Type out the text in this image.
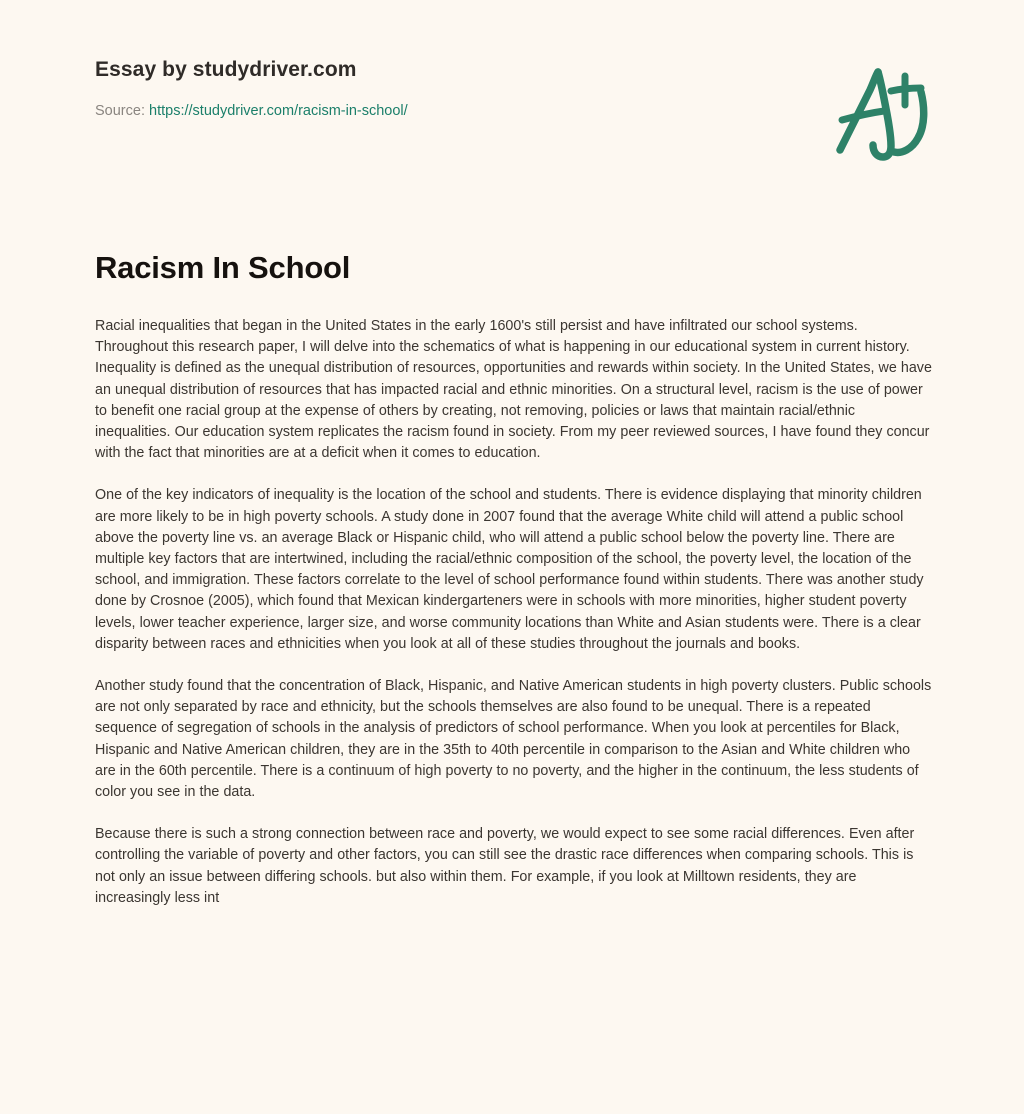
Essay by studydriver.com
Source: https://studydriver.com/racism-in-school/
Racism In School

Racial inequalities that began in the United States in the early 1600's still persist and have infiltrated our school systems. Throughout this research paper, I will delve into the schematics of what is happening in our educational system in current history. Inequality is defined as the unequal distribution of resources, opportunities and rewards within society. In the United States, we have an unequal distribution of resources that has impacted racial and ethnic minorities. On a structural level, racism is the use of power to benefit one racial group at the expense of others by creating, not removing, policies or laws that maintain racial/ethnic inequalities. Our education system replicates the racism found in society. From my peer reviewed sources, I have found they concur with the fact that minorities are at a deficit when it comes to education.

One of the key indicators of inequality is the location of the school and students. There is evidence displaying that minority children are more likely to be in high poverty schools. A study done in 2007 found that the average White child will attend a public school above the poverty line vs. an average Black or Hispanic child, who will attend a public school below the poverty line. There are multiple key factors that are intertwined, including the racial/ethnic composition of the school, the poverty level, the location of the school, and immigration. These factors correlate to the level of school performance found within students. There was another study done by Crosnoe (2005), which found that Mexican kindergarteners were in schools with more minorities, higher student poverty levels, lower teacher experience, larger size, and worse community locations than White and Asian students were. There is a clear disparity between races and ethnicities when you look at all of these studies throughout the journals and books.

Another study found that the concentration of Black, Hispanic, and Native American students in high poverty clusters. Public schools are not only separated by race and ethnicity, but the schools themselves are also found to be unequal. There is a repeated sequence of segregation of schools in the analysis of predictors of school performance. When you look at percentiles for Black, Hispanic and Native American children, they are in the 35th to 40th percentile in comparison to the Asian and White children who are in the 60th percentile. There is a continuum of high poverty to no poverty, and the higher in the continuum, the less students of color you see in the data.

Because there is such a strong connection between race and poverty, we would expect to see some racial differences. Even after controlling the variable of poverty and other factors, you can still see the drastic race differences when comparing schools. This is not only an issue between differing schools. but also within them. For example, if you look at Milltown residents, they are increasingly less int
